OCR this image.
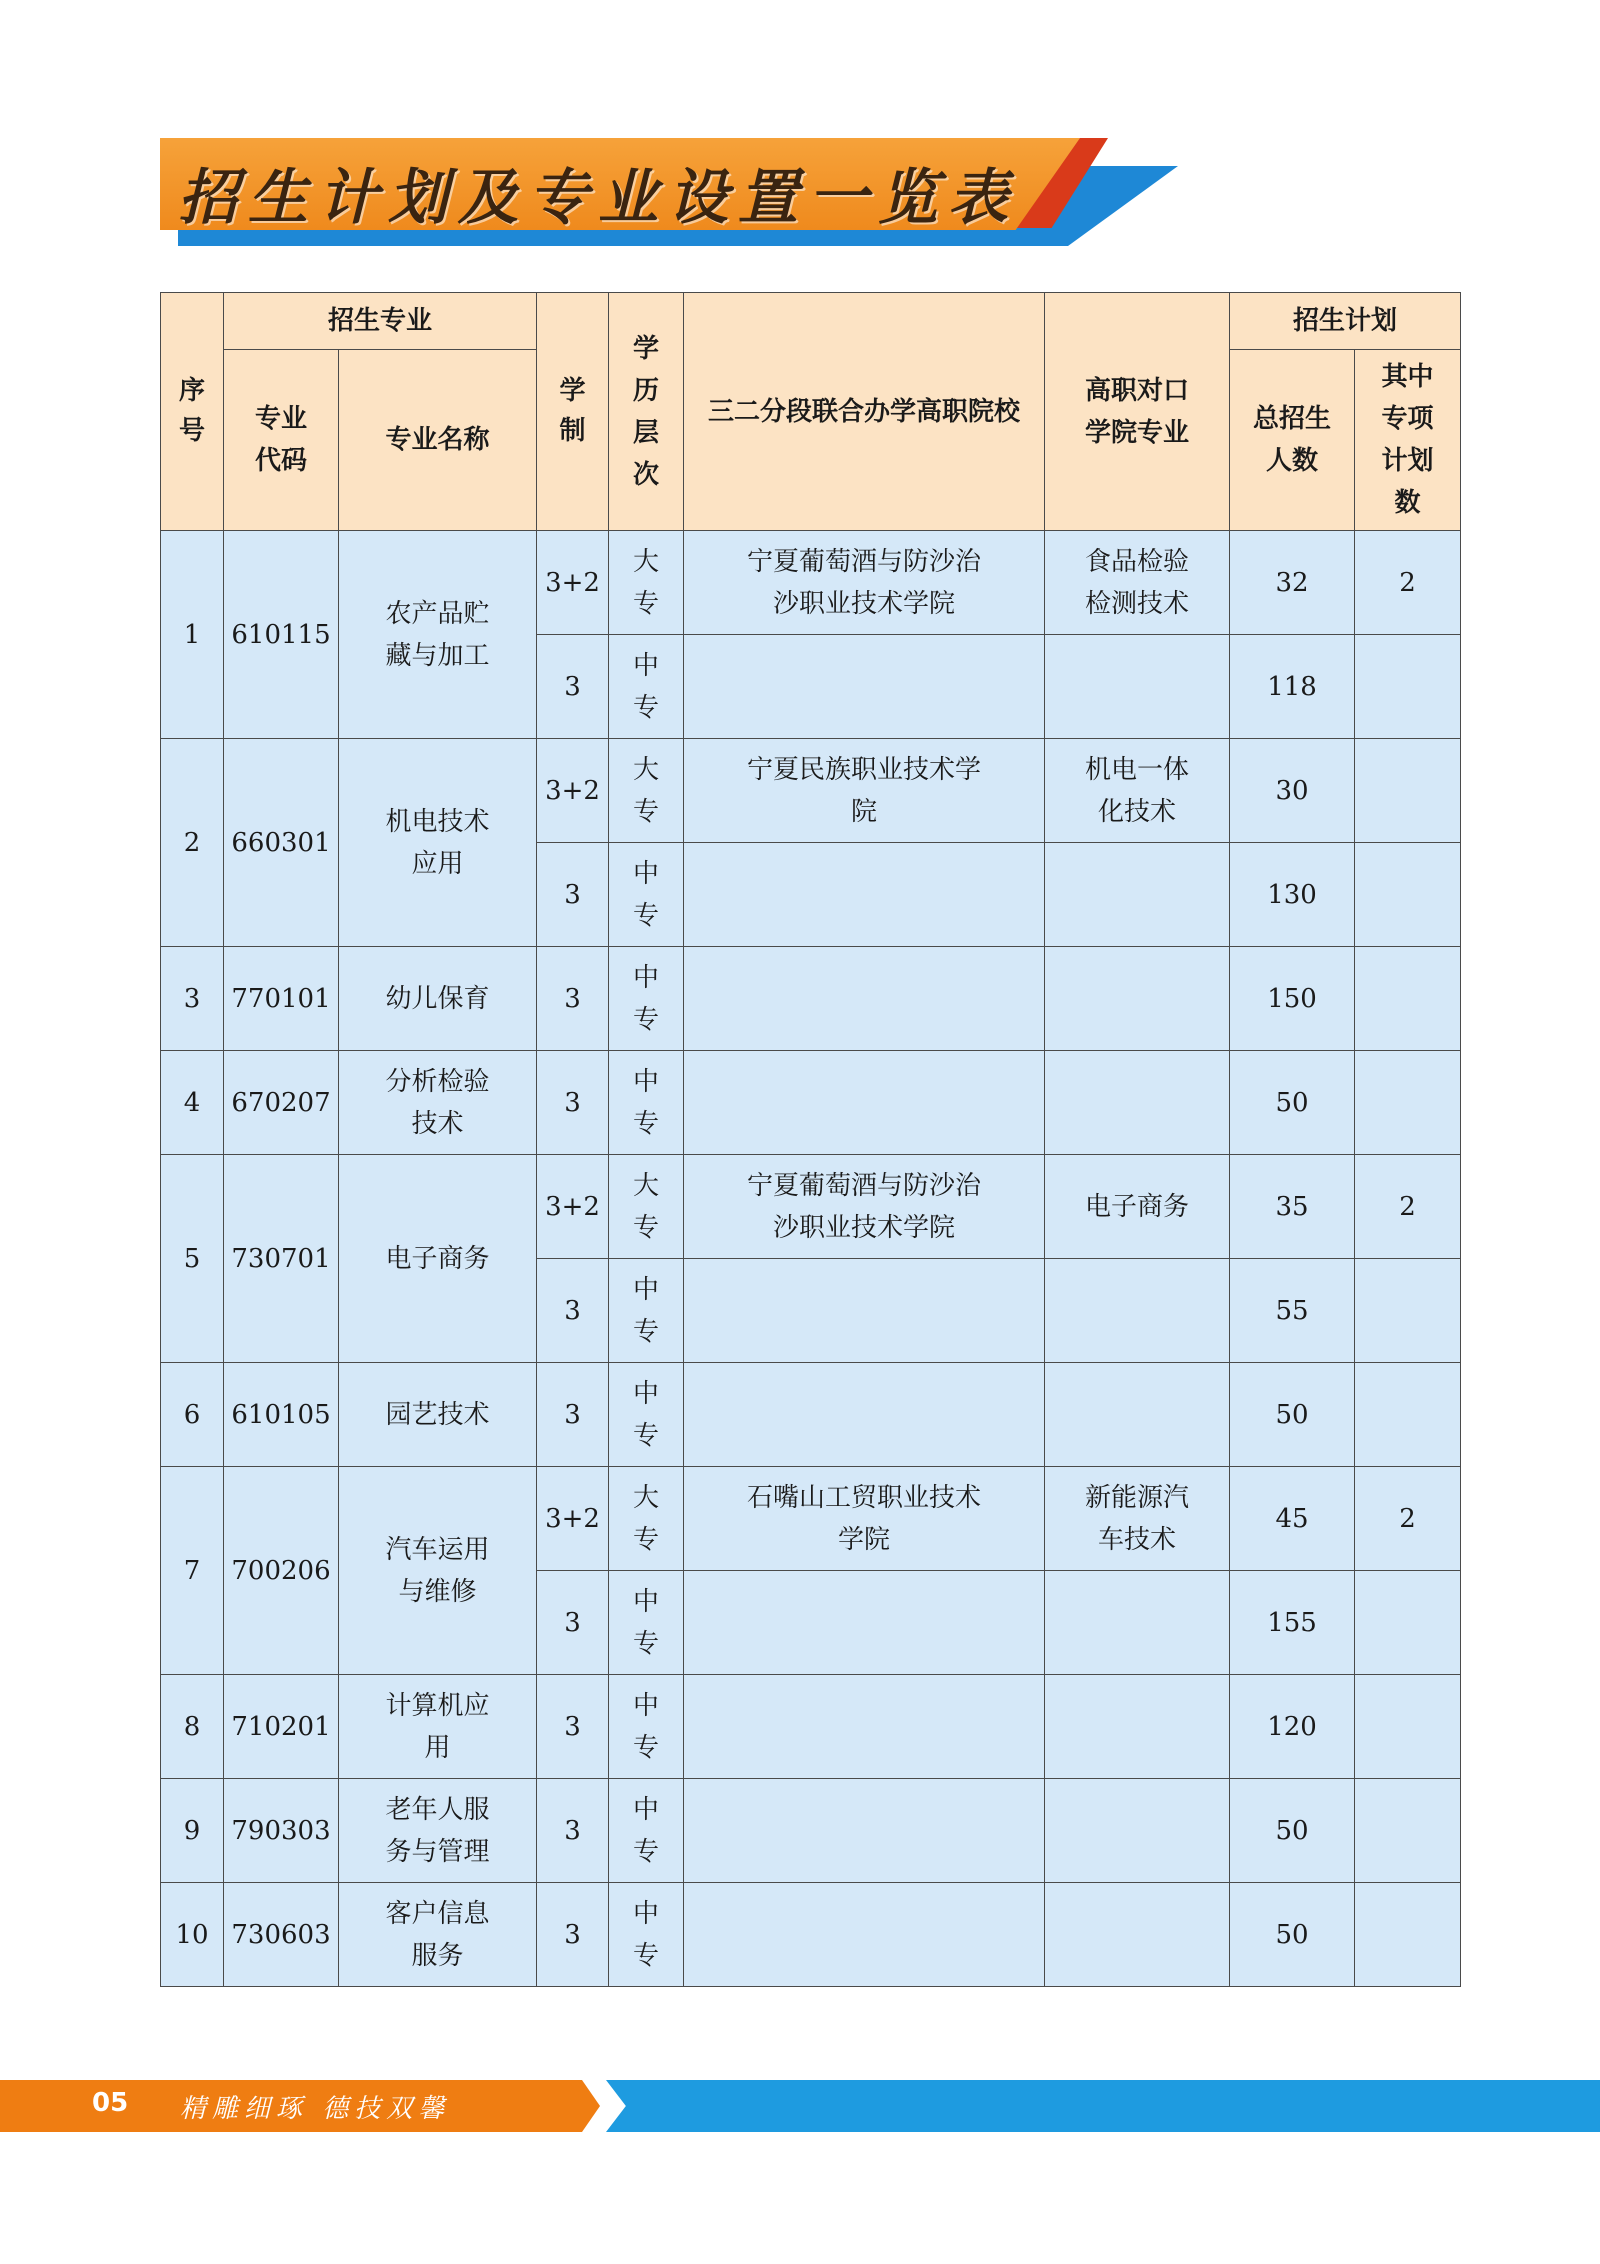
招生计划及专业设置一览表
序号	招生专业		学制	学历层次	三二分段联合办学高职院校	高职对口学院专业	招生计划	
	专业代码	专业名称					总招生人数	其中专项计划数
1	610115	农产品贮藏与加工	3+2	大专	宁夏葡萄酒与防沙治沙职业技术学院	食品检验检测技术	32	2
			3	中专			118	
2	660301	机电技术应用	3+2	大专	宁夏民族职业技术学院	机电一体化技术	30	
			3	中专			130	
3	770101	幼儿保育	3	中专			150	
4	670207	分析检验技术	3	中专			50	
5	730701	电子商务	3+2	大专	宁夏葡萄酒与防沙治沙职业技术学院	电子商务	35	2
			3	中专			55	
6	610105	园艺技术	3	中专			50	
7	700206	汽车运用与维修	3+2	大专	石嘴山工贸职业技术学院	新能源汽车技术	45	2
			3	中专			155	
8	710201	计算机应用	3	中专			120	
9	790303	老年人服务与管理	3	中专			50	
10	730603	客户信息服务	3	中专			50	
05 精雕细琢 德技双馨
